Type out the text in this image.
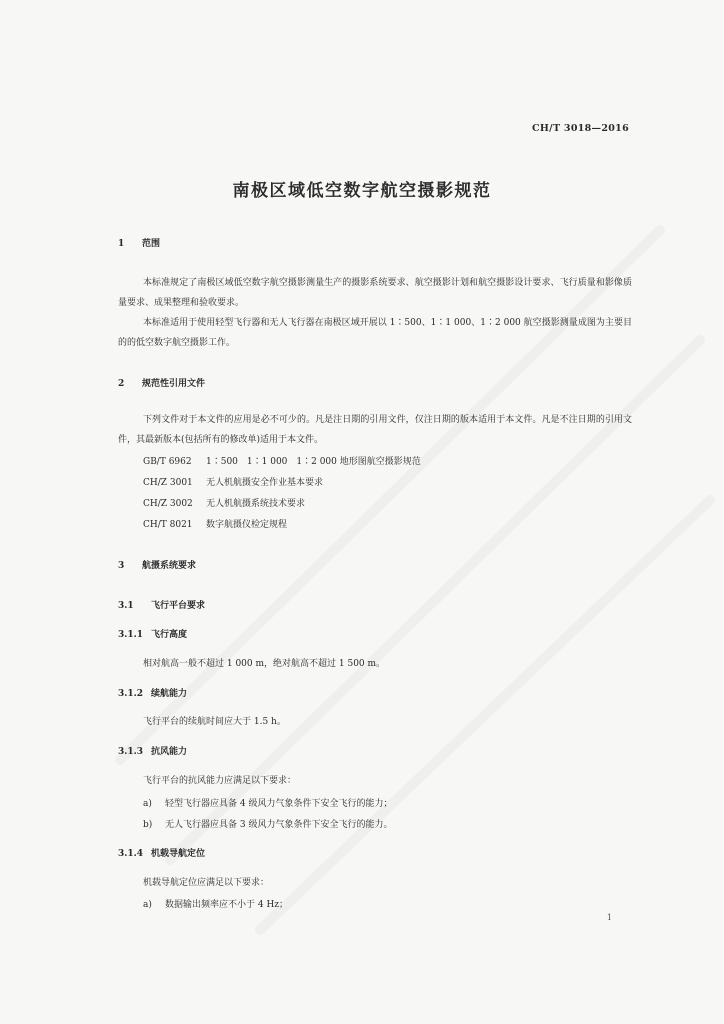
CH/T 3018—2016
南极区域低空数字航空摄影规范
1 范围
本标准规定了南极区域低空数字航空摄影测量生产的摄影系统要求、航空摄影计划和航空摄影设计要求、飞行质量和影像质量要求、成果整理和验收要求。
本标准适用于使用轻型飞行器和无人飞行器在南极区域开展以 1∶500、1∶1 000、1∶2 000 航空摄影测量成图为主要目的的低空数字航空摄影工作。
2 规范性引用文件
下列文件对于本文件的应用是必不可少的。凡是注日期的引用文件，仅注日期的版本适用于本文件。凡是不注日期的引用文件，其最新版本(包括所有的修改单)适用于本文件。
GB/T 6962 1∶500　1∶1 000　1∶2 000 地形图航空摄影规范
CH/Z 3001 无人机航摄安全作业基本要求
CH/Z 3002 无人机航摄系统技术要求
CH/T 8021 数字航摄仪检定规程
3 航摄系统要求
3.1 飞行平台要求
3.1.1 飞行高度
相对航高一般不超过 1 000 m，绝对航高不超过 1 500 m。
3.1.2 续航能力
飞行平台的续航时间应大于 1.5 h。
3.1.3 抗风能力
飞行平台的抗风能力应满足以下要求：
a) 轻型飞行器应具备 4 级风力气象条件下安全飞行的能力；
b) 无人飞行器应具备 3 级风力气象条件下安全飞行的能力。
3.1.4 机载导航定位
机载导航定位应满足以下要求：
a) 数据输出频率应不小于 4 Hz；
1
